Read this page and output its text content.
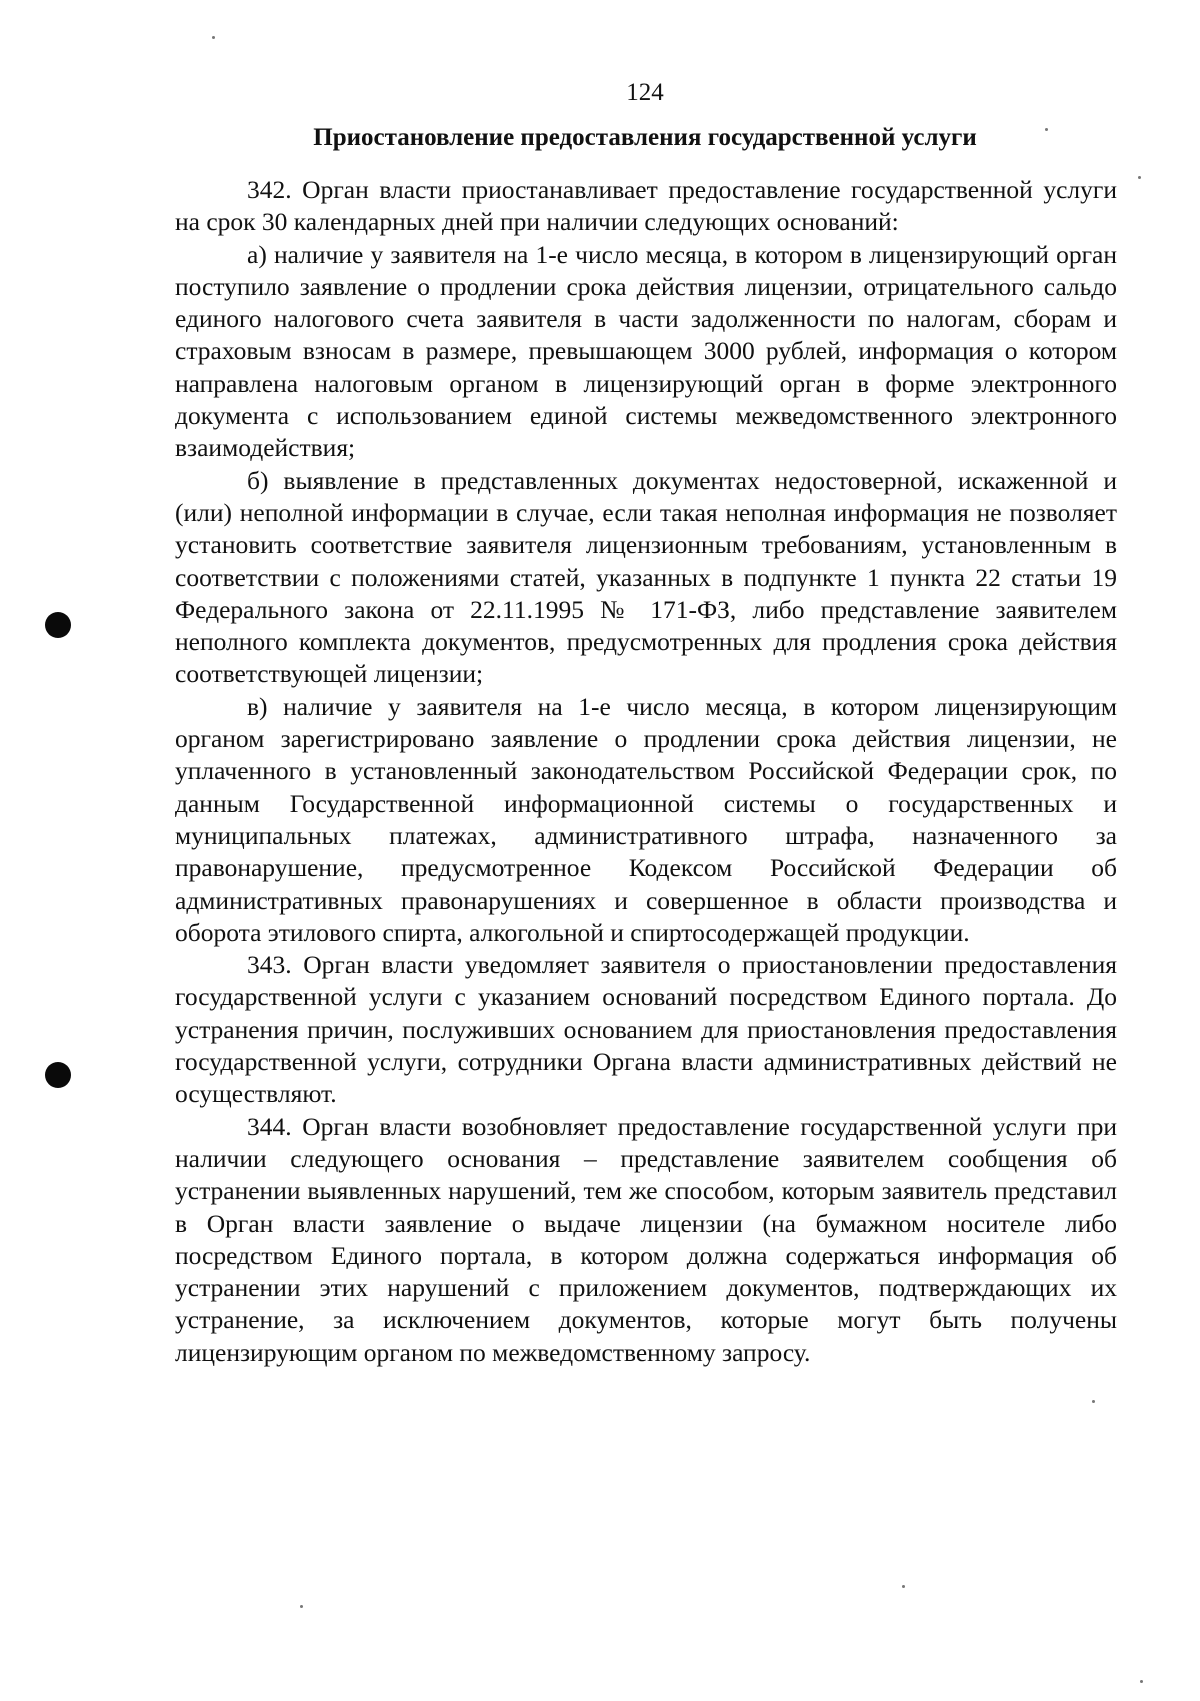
124
Приостановление предоставления государственной услуги

342. Орган власти приостанавливает предоставление государственной услуги на срок 30 календарных дней при наличии следующих оснований:

а) наличие у заявителя на 1-е число месяца, в котором в лицензирующий орган поступило заявление о продлении срока действия лицензии, отрицательного сальдо единого налогового счета заявителя в части задолженности по налогам, сборам и страховым взносам в размере, превышающем 3000 рублей, информация о котором направлена налоговым органом в лицензирующий орган в форме электронного документа с использованием единой системы межведомственного электронного взаимодействия;

б) выявление в представленных документах недостоверной, искаженной и (или) неполной информации в случае, если такая неполная информация не позволяет установить соответствие заявителя лицензионным требованиям, установленным в соответствии с положениями статей, указанных в подпункте 1 пункта 22 статьи 19 Федерального закона от 22.11.1995 № 171-ФЗ, либо представление заявителем неполного комплекта документов, предусмотренных для продления срока действия соответствующей лицензии;

в) наличие у заявителя на 1-е число месяца, в котором лицензирующим органом зарегистрировано заявление о продлении срока действия лицензии, не уплаченного в установленный законодательством Российской Федерации срок, по данным Государственной информационной системы о государственных и муниципальных платежах, административного штрафа, назначенного за правонарушение, предусмотренное Кодексом Российской Федерации об административных правонарушениях и совершенное в области производства и оборота этилового спирта, алкогольной и спиртосодержащей продукции.

343. Орган власти уведомляет заявителя о приостановлении предоставления государственной услуги с указанием оснований посредством Единого портала. До устранения причин, послуживших основанием для приостановления предоставления государственной услуги, сотрудники Органа власти административных действий не осуществляют.

344. Орган власти возобновляет предоставление государственной услуги при наличии следующего основания – представление заявителем сообщения об устранении выявленных нарушений, тем же способом, которым заявитель представил в Орган власти заявление о выдаче лицензии (на бумажном носителе либо посредством Единого портала, в котором должна содержаться информация об устранении этих нарушений с приложением документов, подтверждающих их устранение, за исключением документов, которые могут быть получены лицензирующим органом по межведомственному запросу.
